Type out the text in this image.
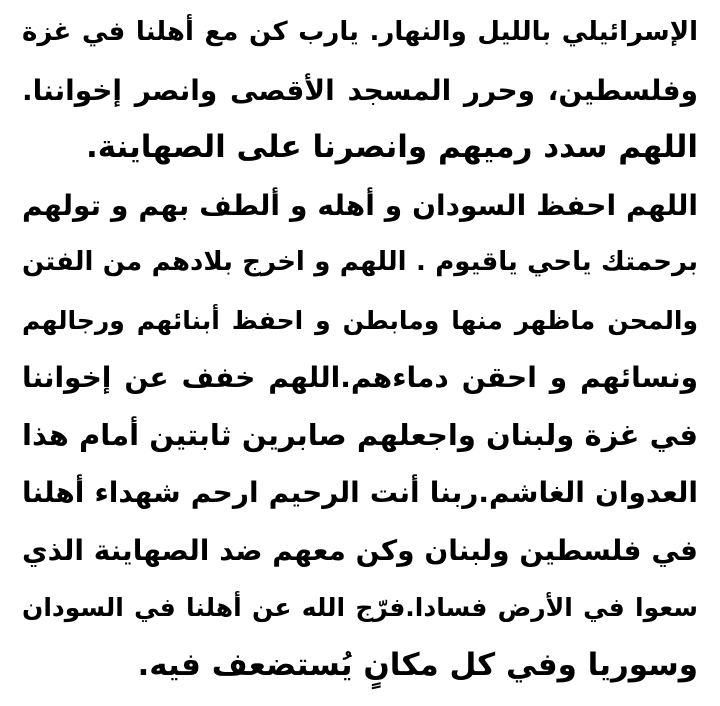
الإسرائيلي بالليل والنهار. يارب كن مع أهلنا في غزة
وفلسطين، وحرر المسجد الأقصى وانصر إخواننا.
اللهم سدد رميهم وانصرنا على الصهاينة.
اللهم احفظ السودان و أهله و ألطف بهم و تولهم
برحمتك ياحي ياقيوم . اللهم و اخرج بلادهم من الفتن
والمحن ماظهر منها ومابطن و احفظ أبنائهم ورجالهم
ونسائهم و احقن دماءهم.اللهم خفف عن إخواننا
في غزة ولبنان واجعلهم صابرين ثابتين أمام هذا
العدوان الغاشم.ربنا أنت الرحيم ارحم شهداء أهلنا
في فلسطين ولبنان وكن معهم ضد الصهاينة الذي
سعوا في الأرض فسادا.فرّج الله عن أهلنا في السودان
وسوريا وفي كل مكانٍ يُستضعف فيه.
